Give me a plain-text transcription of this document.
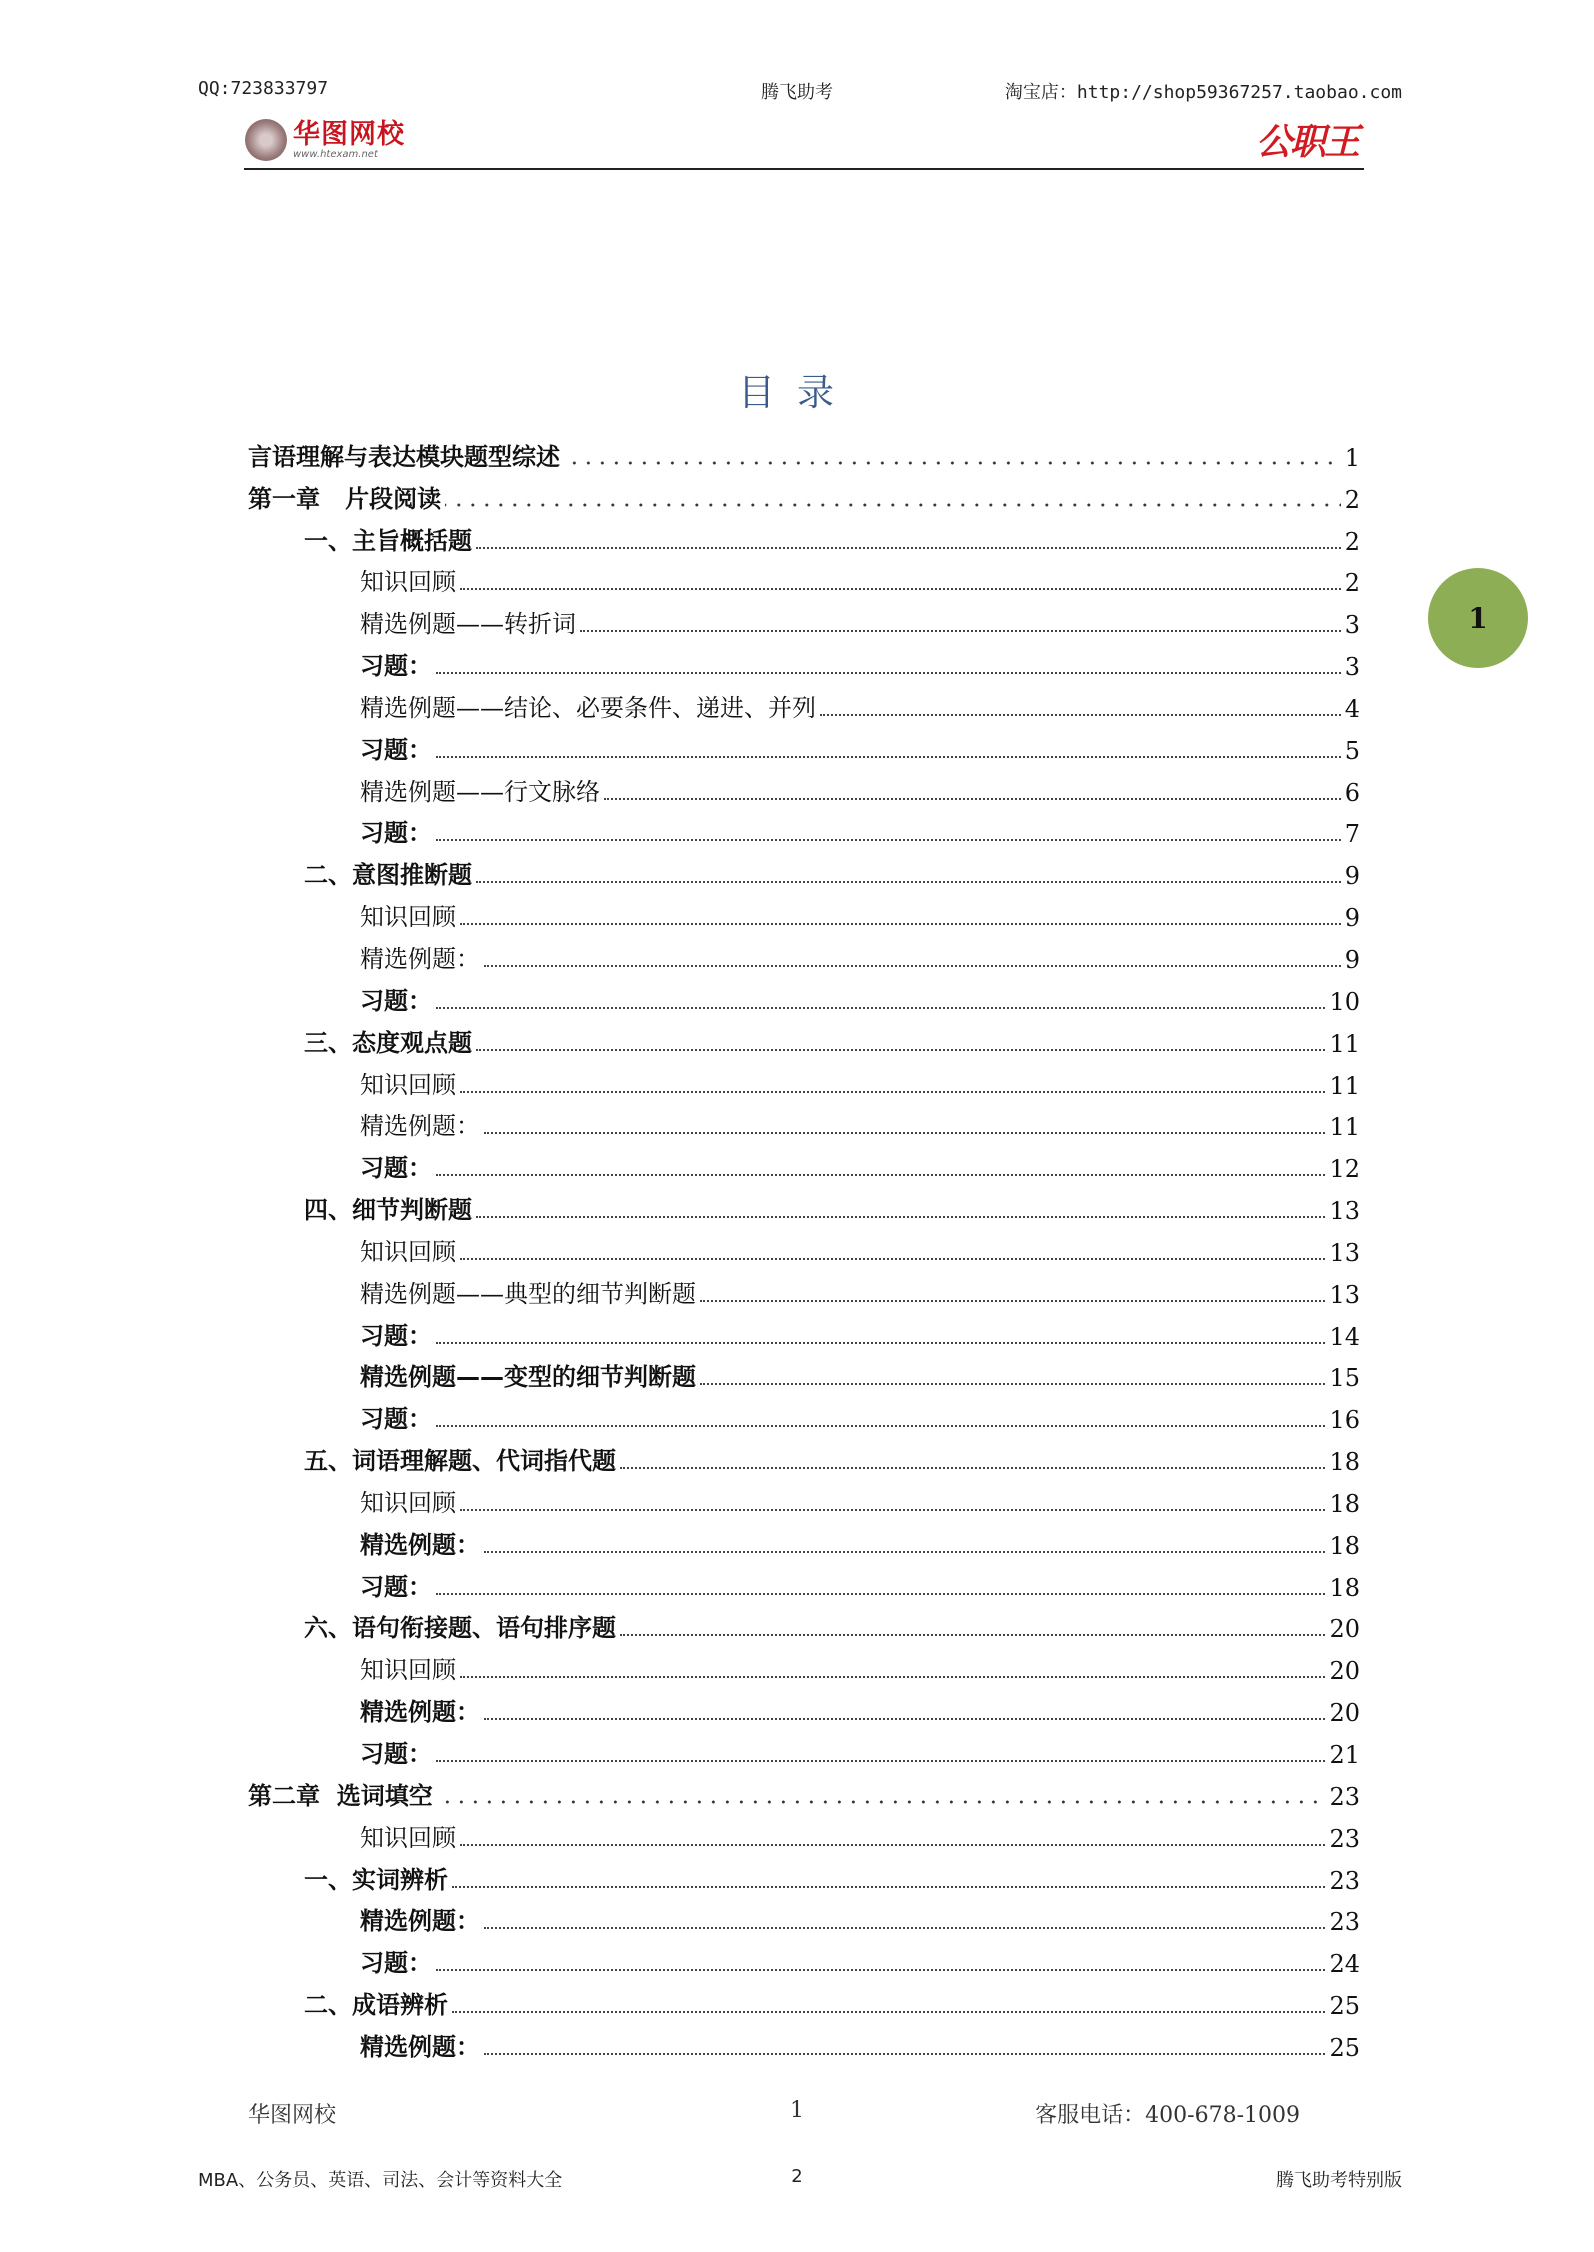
QQ:723833797	腾飞助考	淘宝店：http://shop59367257.taobao.com
华图网校
www.htexam.net	公职王
目录
言语理解与表达模块题型综述	1
第一章   片段阅读	2
一、主旨概括题	2
知识回顾	2
精选例题——转折词	3
习题：	3
精选例题——结论、必要条件、递进、并列	4
习题：	5
精选例题——行文脉络	6
习题：	7
二、意图推断题	9
知识回顾	9
精选例题：	9
习题：	10
三、态度观点题	11
知识回顾	11
精选例题：	11
习题：	12
四、细节判断题	13
知识回顾	13
精选例题——典型的细节判断题	13
习题：	14
精选例题——变型的细节判断题	15
习题：	16
五、词语理解题、代词指代题	18
知识回顾	18
精选例题：	18
习题：	18
六、语句衔接题、语句排序题	20
知识回顾	20
精选例题：	20
习题：	21
第二章  选词填空	23
知识回顾	23
一、实词辨析	23
精选例题：	23
习题：	24
二、成语辨析	25
精选例题：	25
1
华图网校	1	客服电话：400-678-1009
MBA、公务员、英语、司法、会计等资料大全	2	腾飞助考特别版
